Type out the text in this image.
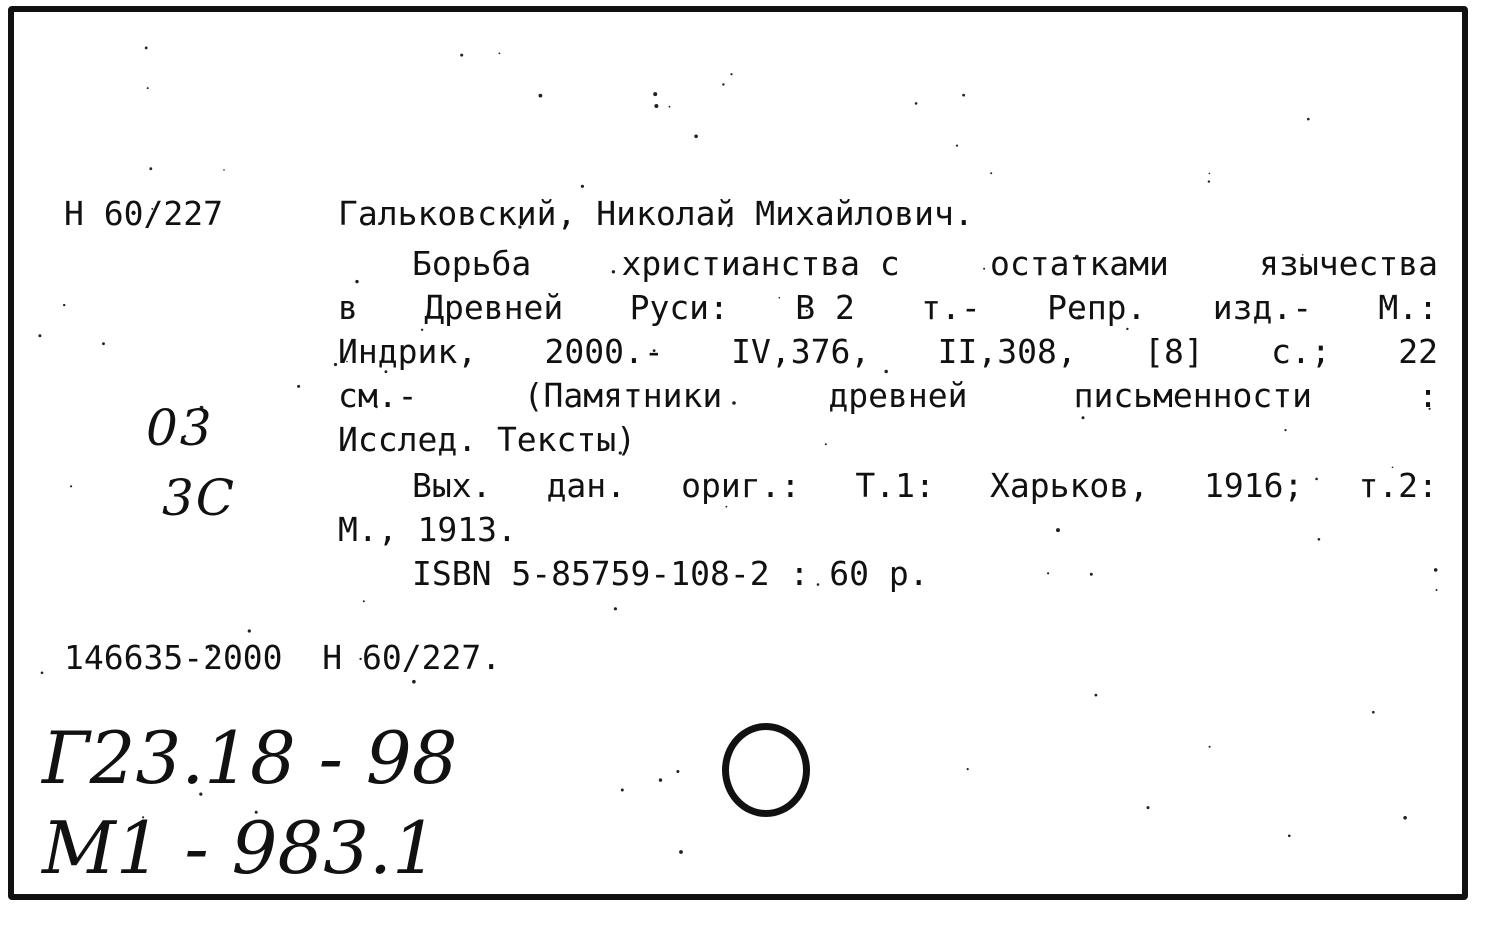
Н 60/227	Гальковский, Николай Михайлович.
Борьба	христианства с	остатками	язычества
в Древней Руси: В 2 т.- Репр. изд.- М.:
Индрик, 2000.- IV,376, II,308, [8] с.; 22
см.-	(Памятники	древней	письменности	:
Исслед. Тексты)
Вых. дан. ориг.: Т.1: Харьков, 1916; т.2:
М., 1913.
ISBN 5-85759-108-2 : 60 р.
146635-2000  Н 60/227.
03
3С
Г23.18 - 98
М1 - 983.1
